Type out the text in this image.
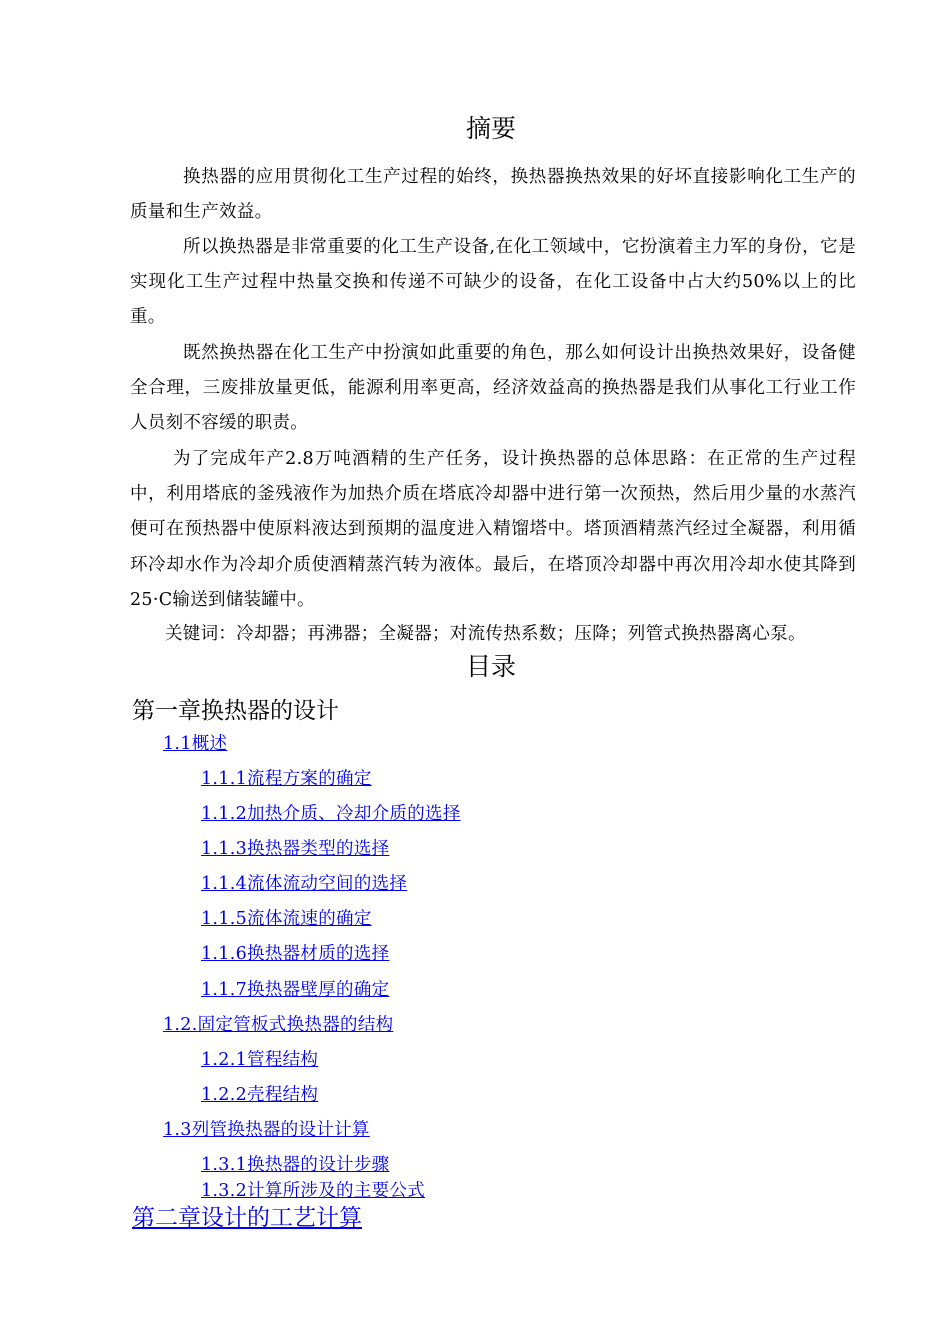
摘要
换热器的应用贯彻化工生产过程的始终，换热器换热效果的好坏直接影响化工生产的质量和生产效益。
所以换热器是非常重要的化工生产设备,在化工领域中，它扮演着主力军的身份，它是实现化工生产过程中热量交换和传递不可缺少的设备，在化工设备中占大约50%以上的比重。
既然换热器在化工生产中扮演如此重要的角色，那么如何设计出换热效果好，设备健全合理，三废排放量更低，能源利用率更高，经济效益高的换热器是我们从事化工行业工作人员刻不容缓的职责。
为了完成年产2.8万吨酒精的生产任务，设计换热器的总体思路：在正常的生产过程中，利用塔底的釜残液作为加热介质在塔底冷却器中进行第一次预热，然后用少量的水蒸汽便可在预热器中使原料液达到预期的温度进入精馏塔中。塔顶酒精蒸汽经过全凝器，利用循环冷却水作为冷却介质使酒精蒸汽转为液体。最后，在塔顶冷却器中再次用冷却水使其降到25·C输送到储装罐中。
关键词：冷却器；再沸器；全凝器；对流传热系数；压降；列管式换热器离心泵。
目录
第一章换热器的设计
1.1概述
1.1.1流程方案的确定
1.1.2加热介质、冷却介质的选择
1.1.3换热器类型的选择
1.1.4流体流动空间的选择
1.1.5流体流速的确定
1.1.6换热器材质的选择
1.1.7换热器壁厚的确定
1.2.固定管板式换热器的结构
1.2.1管程结构
1.2.2壳程结构
1.3列管换热器的设计计算
1.3.1换热器的设计步骤
1.3.2计算所涉及的主要公式
第二章设计的工艺计算
